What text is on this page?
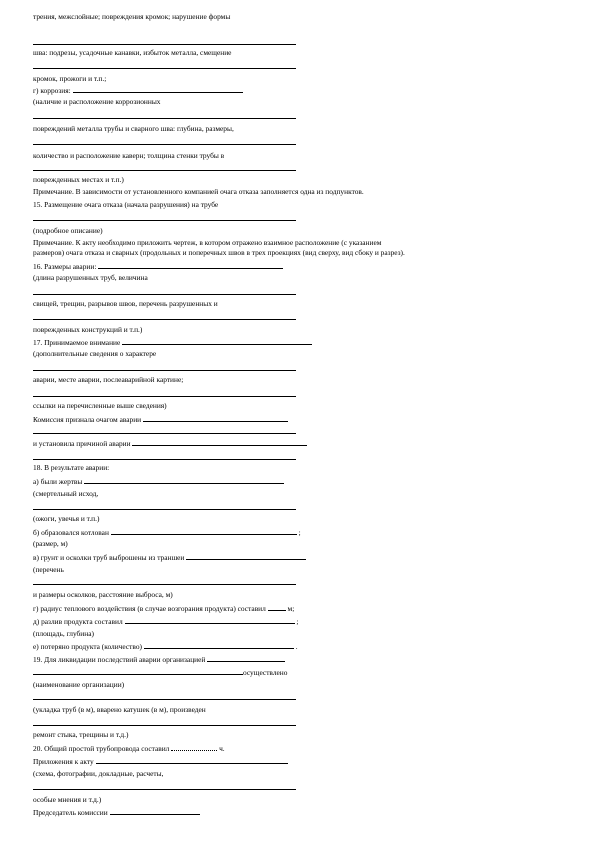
трения, межслойные; повреждения кромок; нарушение формы
шва: подрезы, усадочные канавки, избыток металла, смещение
кромок, прожоги и т.п.;
г) коррозия:
(наличие и расположение коррозионных
повреждений металла трубы и сварного шва: глубина, размеры,
количество и расположение каверн; толщина стенки трубы в
поврежденных местах и т.п.)
Примечание. В зависимости от установленного компанией очага отказа заполняется одна из подпунктов.
15. Размещение очага отказа (начала разрушения) на трубе
(подробное описание)
Примечание. К акту необходимо приложить чертеж, в котором отражено взаимное расположение (с указанием
размеров) очага отказа и сварных (продольных и поперечных швов в трех проекциях (вид сверху, вид сбоку и разрез).
16. Размеры аварии:
(длина разрушенных труб, величина
свищей, трещин, разрывов швов, перечень разрушенных и
поврежденных конструкций и т.п.)
17. Принимаемое внимание
(дополнительные сведения о характере
аварии, месте аварии, послеаварийной картине;
ссылки на перечисленные выше сведения)
Комиссия признала очагом аварии
и установила причиной аварии
18. В результате аварии:
а) были жертвы
(смертельный исход,
(ожоги, увечья и т.п.)
б) образовался котлован	;
(размер, м)
в) грунт и осколки труб выброшены из траншеи
(перечень
и размеры осколков, расстояние выброса, м)
г) радиус теплового воздействия (в случае возгорания продукта) составил	м;
д) разлив продукта составил	;
(площадь, глубина)
е) потеряно продукта (количество)	.
19. Для ликвидации последствий аварии организацией
осуществлено
(наименование организации)
(укладка труб (в м), вварено катушек (в м), произведен
ремонт стыка, трещины и т.д.)
20. Общий простой трубопровода составил	ч.
Приложения к акту
(схема, фотографии, докладные, расчеты,
особые мнения и т.д.)
Председатель комиссии
